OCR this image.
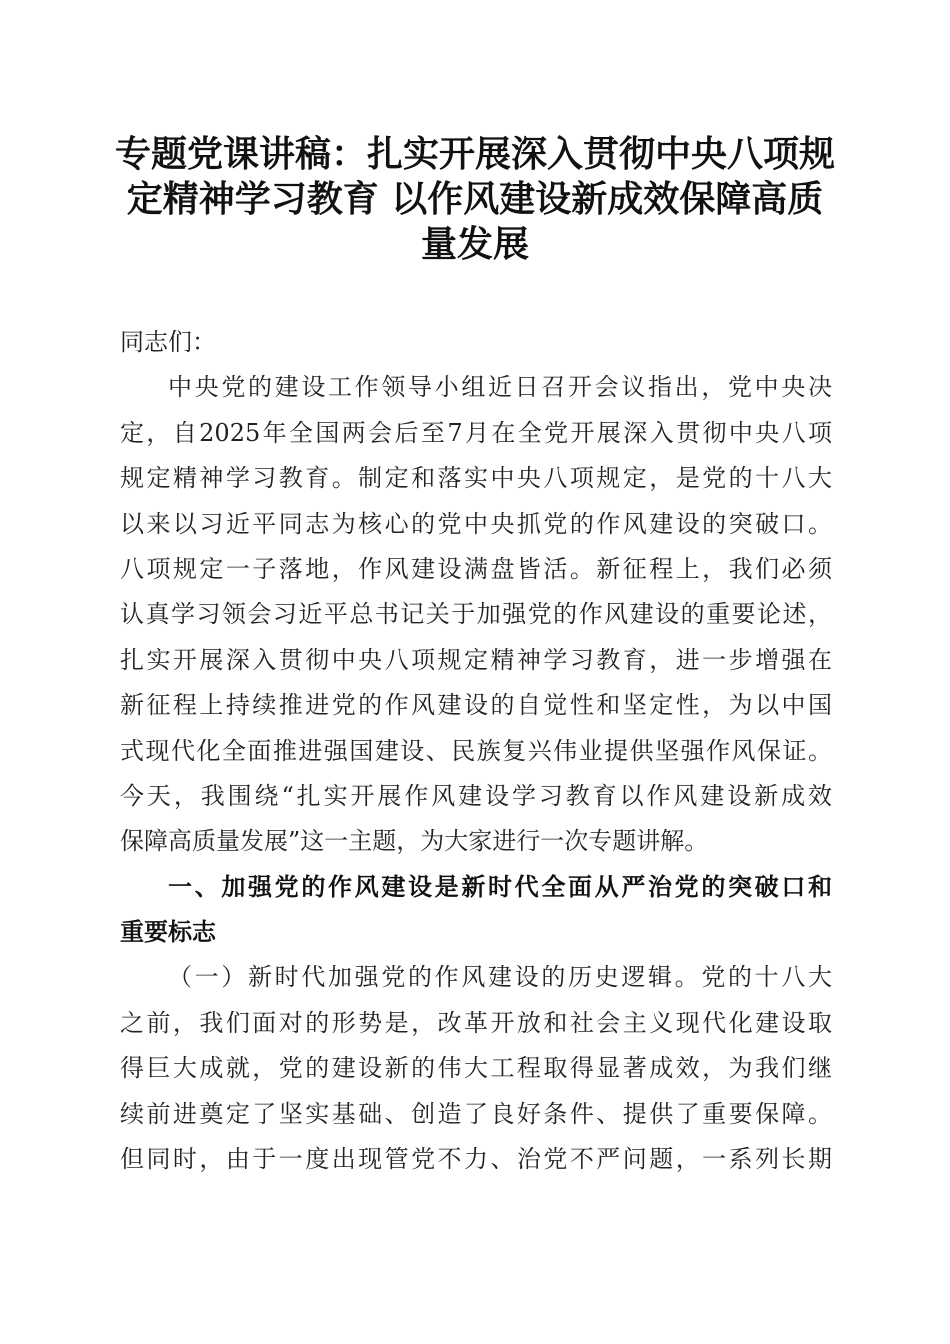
专题党课讲稿：扎实开展深入贯彻中央八项规
定精神学习教育 以作风建设新成效保障高质
量发展
同志们：
中央党的建设工作领导小组近日召开会议指出，党中央决
定，自2025年全国两会后至7月在全党开展深入贯彻中央八项
规定精神学习教育。制定和落实中央八项规定，是党的十八大
以来以习近平同志为核心的党中央抓党的作风建设的突破口。
八项规定一子落地，作风建设满盘皆活。新征程上，我们必须
认真学习领会习近平总书记关于加强党的作风建设的重要论述，
扎实开展深入贯彻中央八项规定精神学习教育，进一步增强在
新征程上持续推进党的作风建设的自觉性和坚定性，为以中国
式现代化全面推进强国建设、民族复兴伟业提供坚强作风保证。
今天，我围绕“扎实开展作风建设学习教育以作风建设新成效
保障高质量发展”这一主题，为大家进行一次专题讲解。
一、加强党的作风建设是新时代全面从严治党的突破口和
重要标志
（一）新时代加强党的作风建设的历史逻辑。党的十八大
之前，我们面对的形势是，改革开放和社会主义现代化建设取
得巨大成就，党的建设新的伟大工程取得显著成效，为我们继
续前进奠定了坚实基础、创造了良好条件、提供了重要保障。
但同时，由于一度出现管党不力、治党不严问题，一系列长期
